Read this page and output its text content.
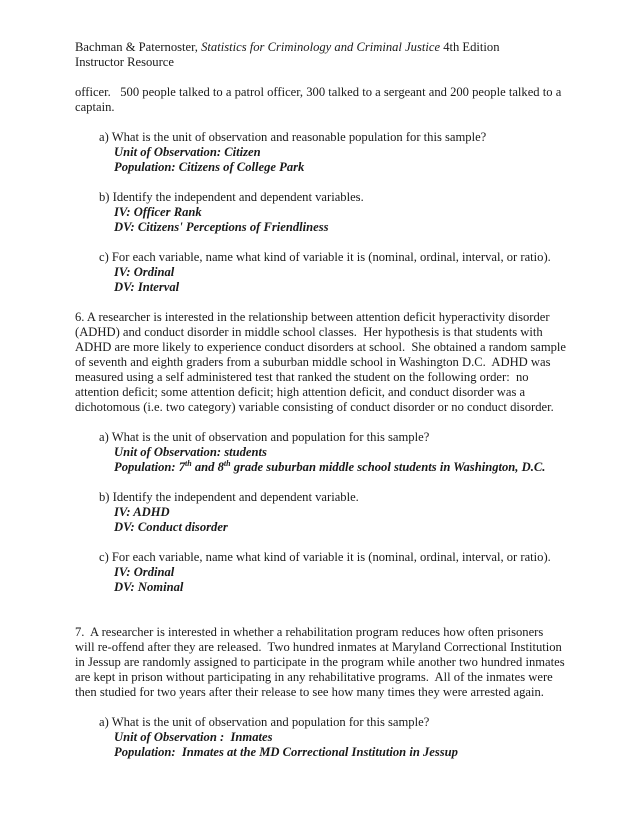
Bachman & Paternoster, Statistics for Criminology and Criminal Justice 4th Edition
Instructor Resource
officer.   500 people talked to a patrol officer, 300 talked to a sergeant and 200 people talked to a
captain.
a) What is the unit of observation and reasonable population for this sample?
Unit of Observation: Citizen
Population: Citizens of College Park
b) Identify the independent and dependent variables.
IV: Officer Rank
DV: Citizens' Perceptions of Friendliness
c) For each variable, name what kind of variable it is (nominal, ordinal, interval, or ratio).
IV: Ordinal
DV: Interval
6. A researcher is interested in the relationship between attention deficit hyperactivity disorder
(ADHD) and conduct disorder in middle school classes.  Her hypothesis is that students with
ADHD are more likely to experience conduct disorders at school.  She obtained a random sample
of seventh and eighth graders from a suburban middle school in Washington D.C.  ADHD was
measured using a self administered test that ranked the student on the following order:  no
attention deficit; some attention deficit; high attention deficit, and conduct disorder was a
dichotomous (i.e. two category) variable consisting of conduct disorder or no conduct disorder.
a) What is the unit of observation and population for this sample?
Unit of Observation: students
Population: 7th and 8th grade suburban middle school students in Washington, D.C.
b) Identify the independent and dependent variable.
IV: ADHD
DV: Conduct disorder
c) For each variable, name what kind of variable it is (nominal, ordinal, interval, or ratio).
IV: Ordinal
DV: Nominal
7.  A researcher is interested in whether a rehabilitation program reduces how often prisoners
will re-offend after they are released.  Two hundred inmates at Maryland Correctional Institution
in Jessup are randomly assigned to participate in the program while another two hundred inmates
are kept in prison without participating in any rehabilitative programs.  All of the inmates were
then studied for two years after their release to see how many times they were arrested again.
a) What is the unit of observation and population for this sample?
Unit of Observation :  Inmates
Population:  Inmates at the MD Correctional Institution in Jessup
